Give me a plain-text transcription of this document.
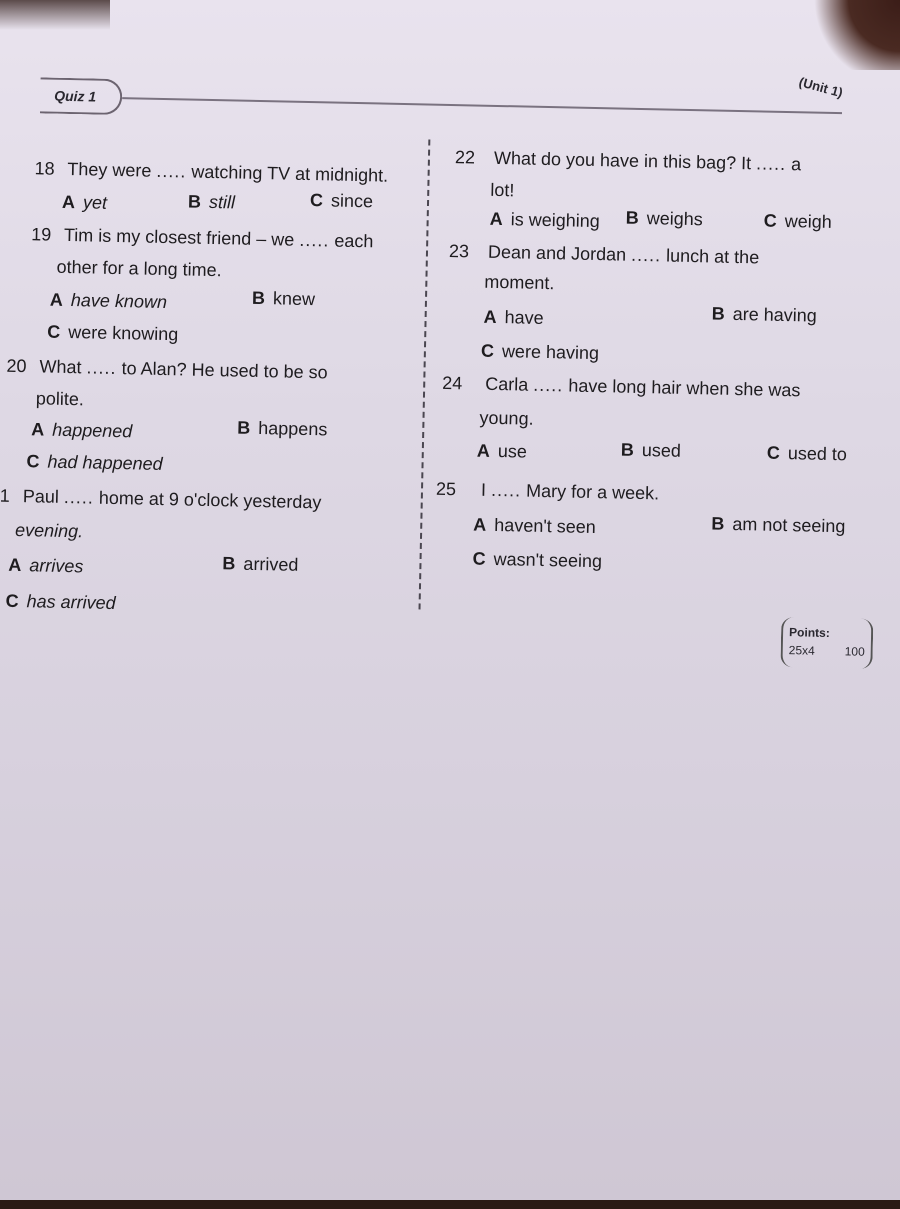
Quiz 1	(Unit 1)
18 They were ..... watching TV at midnight.
A yet	B still	C since
19 Tim is my closest friend – we ..... each
other for a long time.
A have known	B knew
C were knowing
20 What ..... to Alan? He used to be so
polite.
A happened	B happens
C had happened
1 Paul ..... home at 9 o'clock yesterday
evening.
A arrives	B arrived
C has arrived
22 What do you have in this bag? It ..... a
lot!
A is weighing B weighs	C weigh
23 Dean and Jordan ..... lunch at the
moment.
A have	B are having
C were having
24 Carla ..... have long hair when she was
young.
A use	B used	C used to
25 I ..... Mary for a week.
A haven't seen	B am not seeing
C wasn't seeing
Points:
25x4 100
